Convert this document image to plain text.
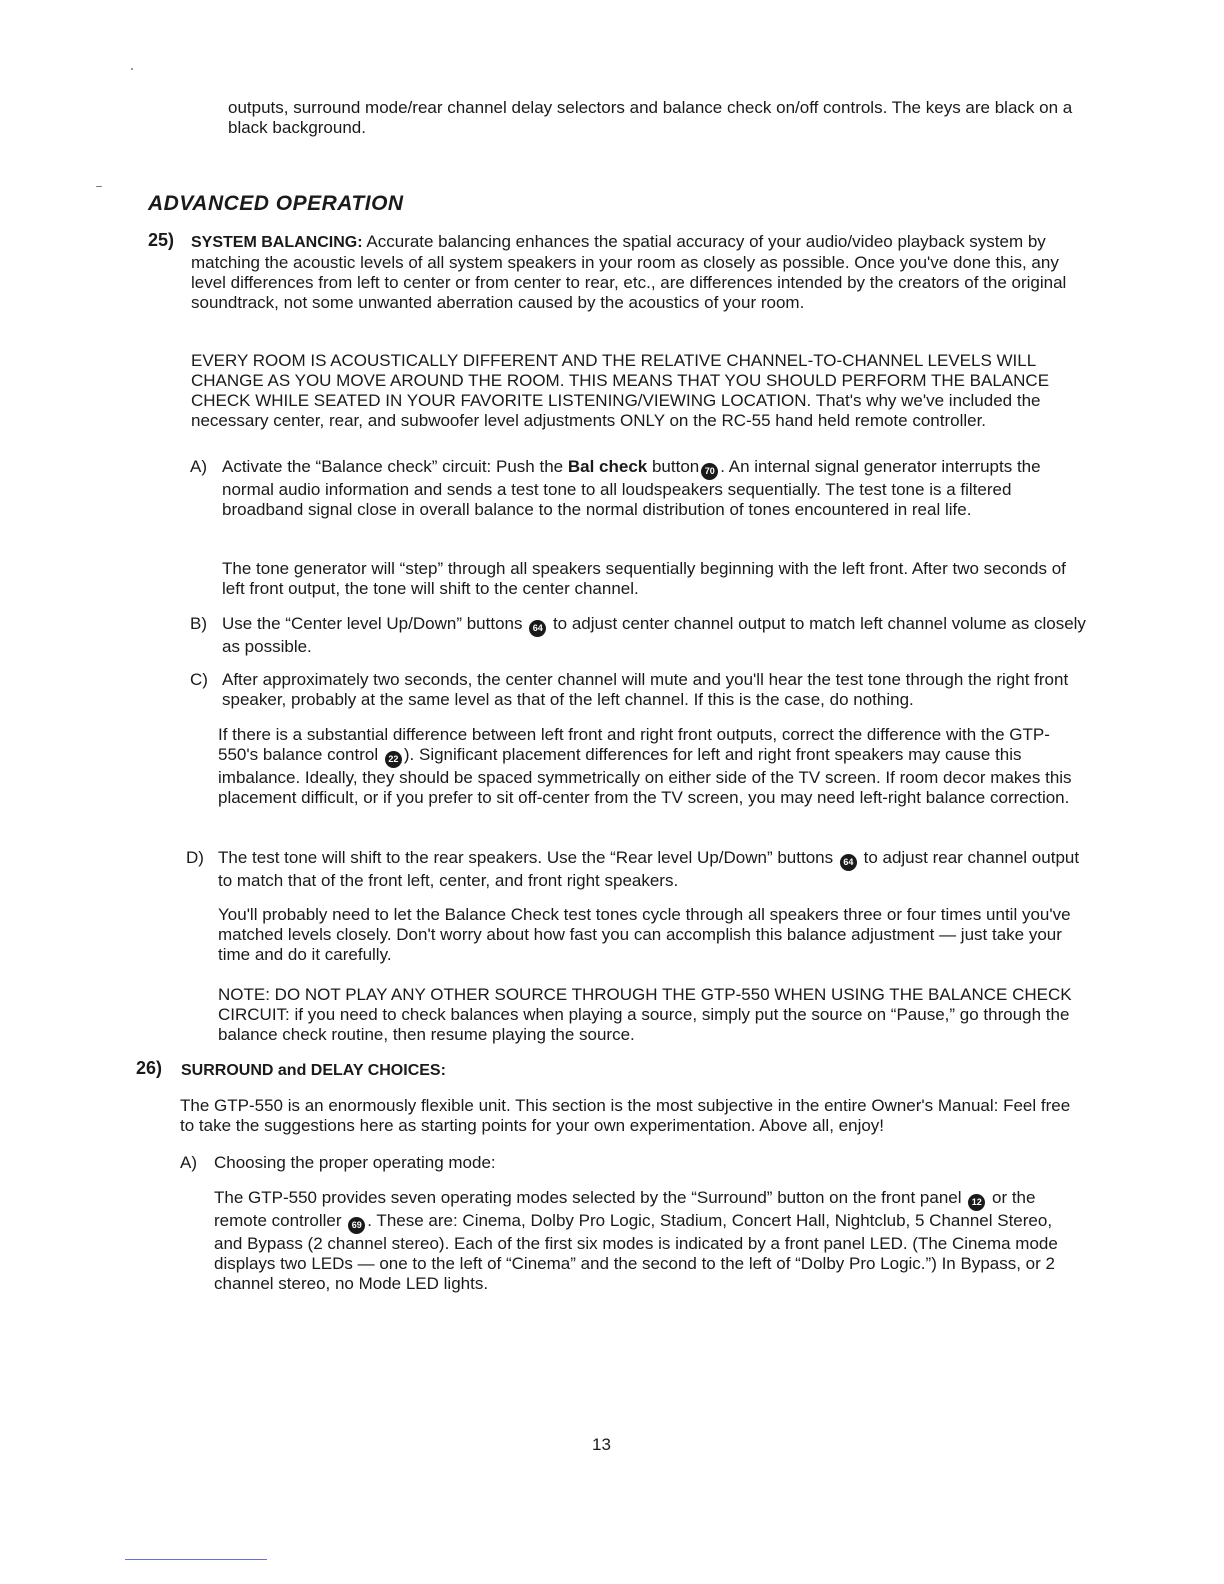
outputs, surround mode/rear channel delay selectors and balance check on/off controls. The keys are black on a black background.

ADVANCED OPERATION

25) SYSTEM BALANCING: Accurate balancing enhances the spatial accuracy of your audio/video playback system by matching the acoustic levels of all system speakers in your room as closely as possible. Once you've done this, any level differences from left to center or from center to rear, etc., are differences intended by the creators of the original soundtrack, not some unwanted aberration caused by the acoustics of your room.

EVERY ROOM IS ACOUSTICALLY DIFFERENT AND THE RELATIVE CHANNEL-TO-CHANNEL LEVELS WILL CHANGE AS YOU MOVE AROUND THE ROOM. THIS MEANS THAT YOU SHOULD PERFORM THE BALANCE CHECK WHILE SEATED IN YOUR FAVORITE LISTENING/VIEWING LOCATION. That's why we've included the necessary center, rear, and subwoofer level adjustments ONLY on the RC-55 hand held remote controller.

A) Activate the “Balance check” circuit: Push the Bal check button 70 . An internal signal generator interrupts the normal audio information and sends a test tone to all loudspeakers sequentially. The test tone is a filtered broadband signal close in overall balance to the normal distribution of tones encountered in real life.

The tone generator will “step” through all speakers sequentially beginning with the left front. After two seconds of left front output, the tone will shift to the center channel.

B) Use the “Center level Up/Down” buttons 64 to adjust center channel output to match left channel volume as closely as possible.

C) After approximately two seconds, the center channel will mute and you'll hear the test tone through the right front speaker, probably at the same level as that of the left channel. If this is the case, do nothing.

If there is a substantial difference between left front and right front outputs, correct the difference with the GTP-550's balance control 22 ). Significant placement differences for left and right front speakers may cause this imbalance. Ideally, they should be spaced symmetrically on either side of the TV screen. If room decor makes this placement difficult, or if you prefer to sit off-center from the TV screen, you may need left-right balance correction.

D) The test tone will shift to the rear speakers. Use the “Rear level Up/Down” buttons 64 to adjust rear channel output to match that of the front left, center, and front right speakers.

You'll probably need to let the Balance Check test tones cycle through all speakers three or four times until you've matched levels closely. Don't worry about how fast you can accomplish this balance adjustment — just take your time and do it carefully.

NOTE: DO NOT PLAY ANY OTHER SOURCE THROUGH THE GTP-550 WHEN USING THE BALANCE CHECK CIRCUIT: if you need to check balances when playing a source, simply put the source on “Pause,” go through the balance check routine, then resume playing the source.

26) SURROUND and DELAY CHOICES:

The GTP-550 is an enormously flexible unit. This section is the most subjective in the entire Owner's Manual: Feel free to take the suggestions here as starting points for your own experimentation. Above all, enjoy!

A) Choosing the proper operating mode:

The GTP-550 provides seven operating modes selected by the “Surround” button on the front panel 12 or the remote controller 69 . These are: Cinema, Dolby Pro Logic, Stadium, Concert Hall, Nightclub, 5 Channel Stereo, and Bypass (2 channel stereo). Each of the first six modes is indicated by a front panel LED. (The Cinema mode displays two LEDs — one to the left of “Cinema” and the second to the left of “Dolby Pro Logic.”) In Bypass, or 2 channel stereo, no Mode LED lights.

13
